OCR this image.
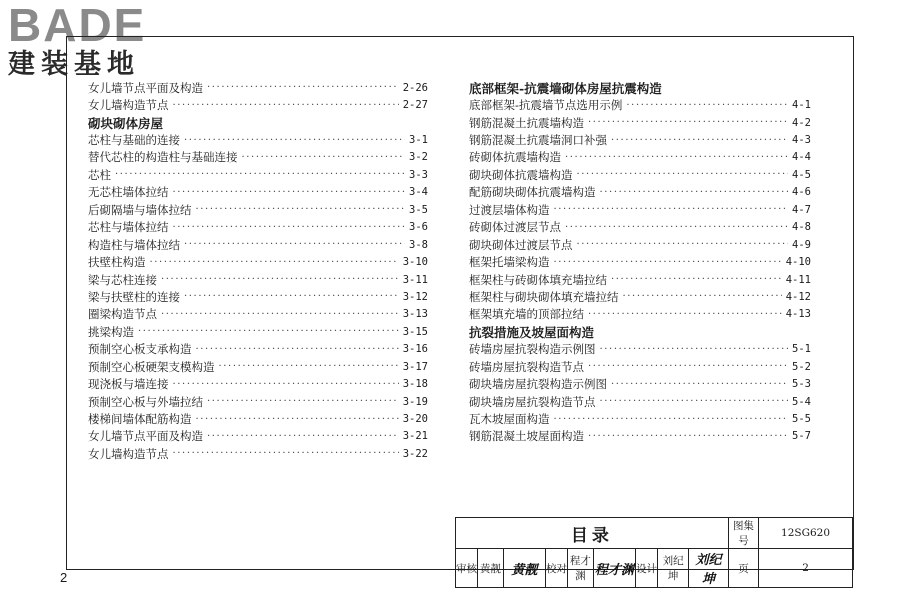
BADE
建装基地
女儿墙节点平面及构造 ·····	2-26
女儿墙构造节点 ·····	2-27
砌块砌体房屋
芯柱与基础的连接 ·····	3-1
替代芯柱的构造柱与基础连接 ·····	3-2
芯柱 ·····	3-3
无芯柱墙体拉结 ·····	3-4
后砌隔墙与墙体拉结 ·····	3-5
芯柱与墙体拉结 ·····	3-6
构造柱与墙体拉结 ·····	3-8
扶壁柱构造 ·····	3-10
梁与芯柱连接 ·····	3-11
梁与扶壁柱的连接 ·····	3-12
圈梁构造节点 ·····	3-13
挑梁构造 ·····	3-15
预制空心板支承构造 ·····	3-16
预制空心板硬架支模构造 ·····	3-17
现浇板与墙连接 ·····	3-18
预制空心板与外墙拉结 ·····	3-19
楼梯间墙体配筋构造 ·····	3-20
女儿墙节点平面及构造 ·····	3-21
女儿墙构造节点 ·····	3-22
底部框架-抗震墙砌体房屋抗震构造
底部框架-抗震墙节点选用示例 ·····	4-1
钢筋混凝土抗震墙构造 ·····	4-2
钢筋混凝土抗震墙洞口补强 ·····	4-3
砖砌体抗震墙构造 ·····	4-4
砌块砌体抗震墙构造 ·····	4-5
配筋砌块砌体抗震墙构造 ·····	4-6
过渡层墙体构造 ·····	4-7
砖砌体过渡层节点 ·····	4-8
砌块砌体过渡层节点 ·····	4-9
框架托墙梁构造 ·····	4-10
框架柱与砖砌体填充墙拉结 ·····	4-11
框架柱与砌块砌体填充墙拉结 ·····	4-12
框架填充墙的顶部拉结 ·····	4-13
抗裂措施及坡屋面构造
砖墙房屋抗裂构造示例图 ·····	5-1
砖墙房屋抗裂构造节点 ·····	5-2
砌块墙房屋抗裂构造示例图 ·····	5-3
砌块墙房屋抗裂构造节点 ·····	5-4
瓦木坡屋面构造 ·····	5-5
钢筋混凝土坡屋面构造 ·····	5-7
目录									图集号	12SG620
审核	黄靓	黄靓	校对	程才渊	程才渊	设计	刘纪坤	刘纪坤	页	2
2
